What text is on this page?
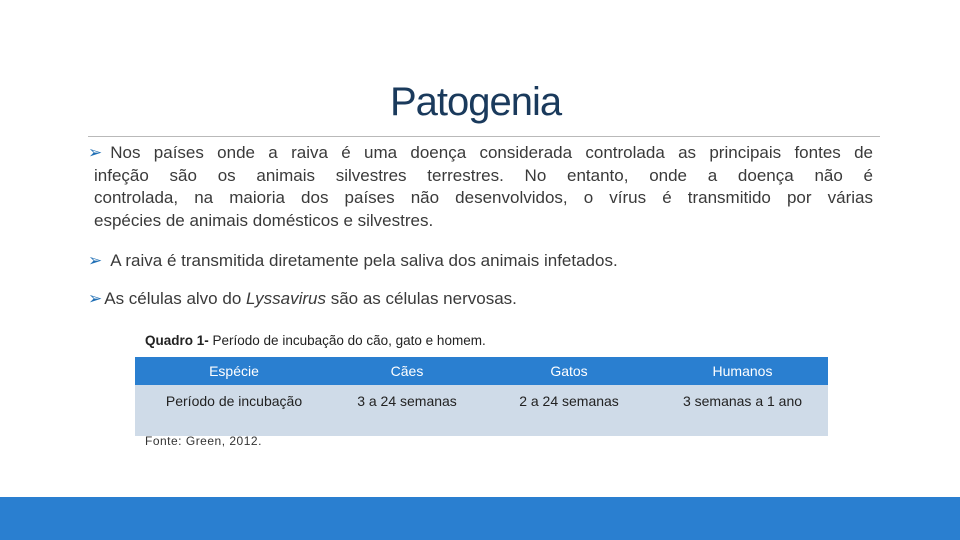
Patogenia
➢ Nos países onde a raiva é uma doença considerada controlada as principais fontes de
infeção são os animais silvestres terrestres. No entanto, onde a doença não é
controlada, na maioria dos países não desenvolvidos, o vírus é transmitido por várias
espécies de animais domésticos e silvestres.
➢ A raiva é transmitida diretamente pela saliva dos animais infetados.
➢ As células alvo do Lyssavirus são as células nervosas.
Quadro 1- Período de incubação do cão, gato e homem.
Espécie	Cães	Gatos	Humanos
Período de incubação	3 a 24 semanas	2 a 24 semanas	3 semanas a 1 ano
Fonte: Green, 2012.
